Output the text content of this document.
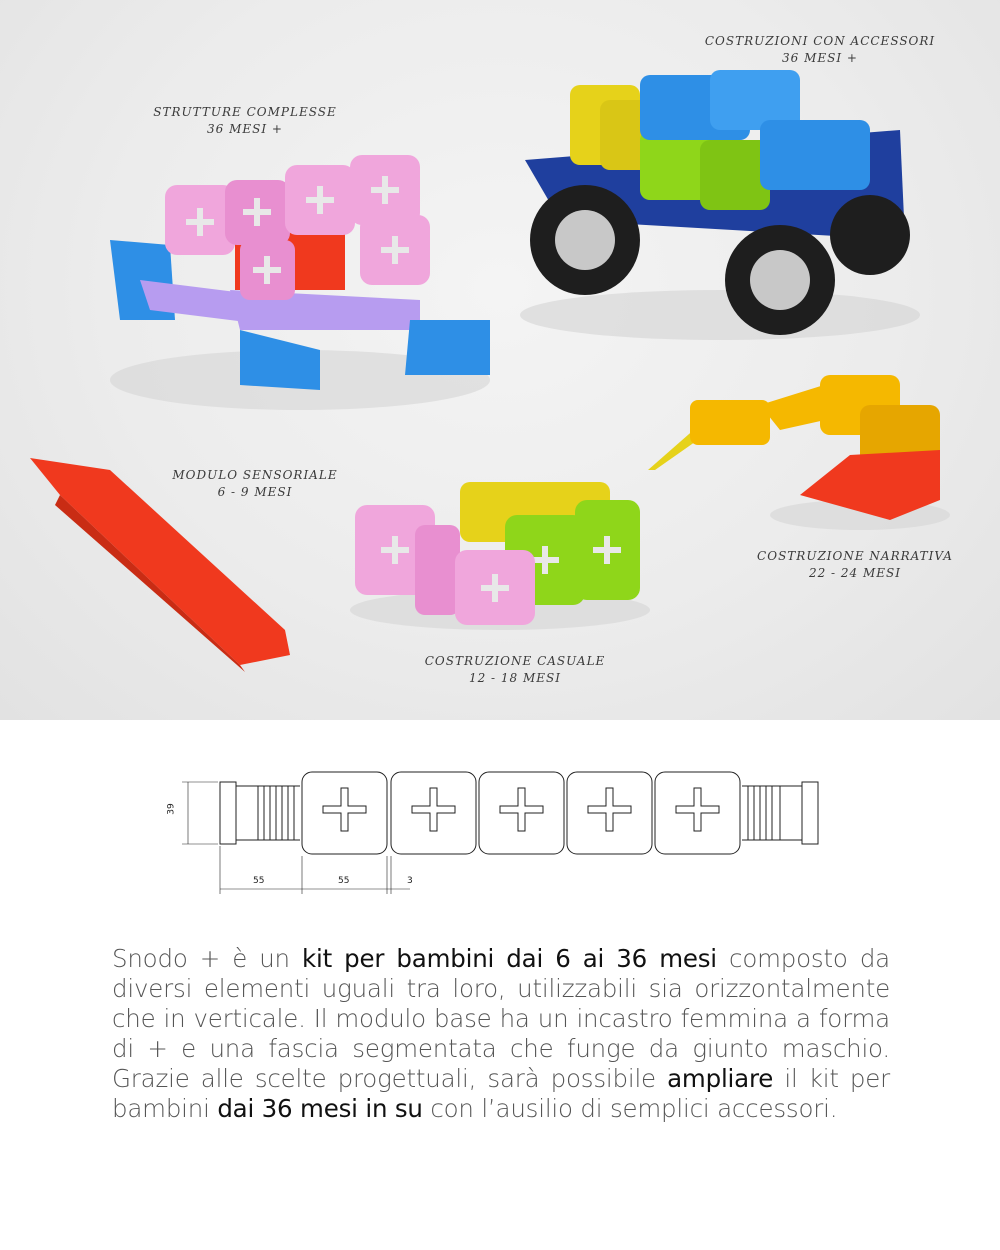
STRUTTURE COMPLESSE
36 MESI +
COSTRUZIONI CON ACCESSORI
36 MESI +
MODULO SENSORIALE
6 - 9 MESI
COSTRUZIONE NARRATIVA
22 - 24 MESI
COSTRUZIONE CASUALE
12 - 18 MESI
39
55	55	3
Snodo + è un kit per bambini dai 6 ai 36 mesi composto da diversi elementi uguali tra loro, utilizzabili sia orizzontalmente che in verticale. Il modulo base ha un incastro femmina a forma di + e una fascia segmentata che funge da giunto maschio. Grazie alle scelte progettuali, sarà possibile ampliare il kit per bambini dai 36 mesi in su con l’ausilio di semplici accessori.
